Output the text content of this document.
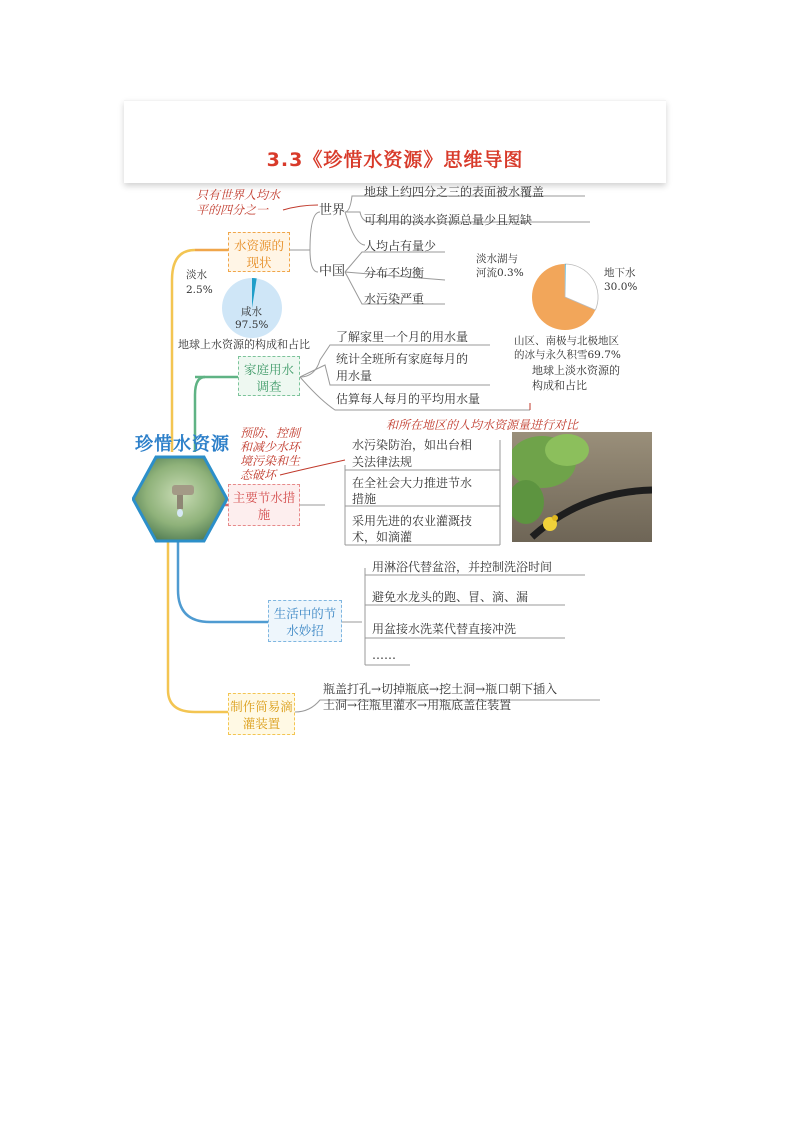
3.3《珍惜水资源》思维导图
水资源的现状
只有世界人均水
平的四分之一	世界
中国
地球上约四分之三的表面被水覆盖
可利用的淡水资源总量少且短缺
人均占有量少
分布不均衡
水污染严重
淡水
2.5%
咸水
97.5%
地球上水资源的构成和占比
淡水湖与
河流0.3%	地下水
30.0%
山区、南极与北极地区
的冰与永久积雪69.7%
地球上淡水资源的
构成和占比
家庭用水调查
了解家里一个月的用水量
统计全班所有家庭每月的
用水量
估算每人每月的平均用水量
和所在地区的人均水资源量进行对比
珍惜水资源
主要节水措施
预防、控制
和减少水环
境污染和生
态破坏
水污染防治，如出台相
关法律法规
在全社会大力推进节水
措施
采用先进的农业灌溉技
术，如滴灌
生活中的节水妙招
用淋浴代替盆浴，并控制洗浴时间
避免水龙头的跑、冒、滴、漏
用盆接水洗菜代替直接冲洗
……
制作简易滴灌装置
瓶盖打孔→切掉瓶底→挖土洞→瓶口朝下插入
土洞→往瓶里灌水→用瓶底盖住装置
